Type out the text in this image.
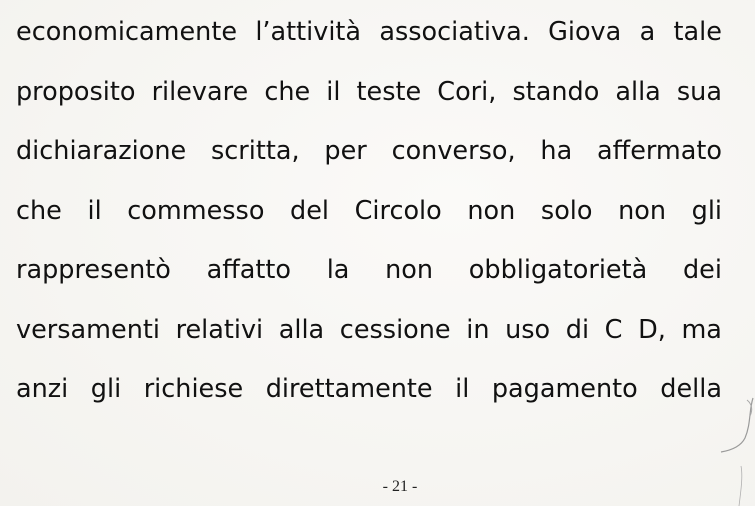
economicamente l’attività associativa. Giova a tale
proposito rilevare che il teste Cori, stando alla sua
dichiarazione scritta, per converso, ha affermato
che il commesso del Circolo non solo non gli
rappresentò affatto la non obbligatorietà dei
versamenti relativi alla cessione in uso di C D, ma
anzi gli richiese direttamente il pagamento della
- 21 -
